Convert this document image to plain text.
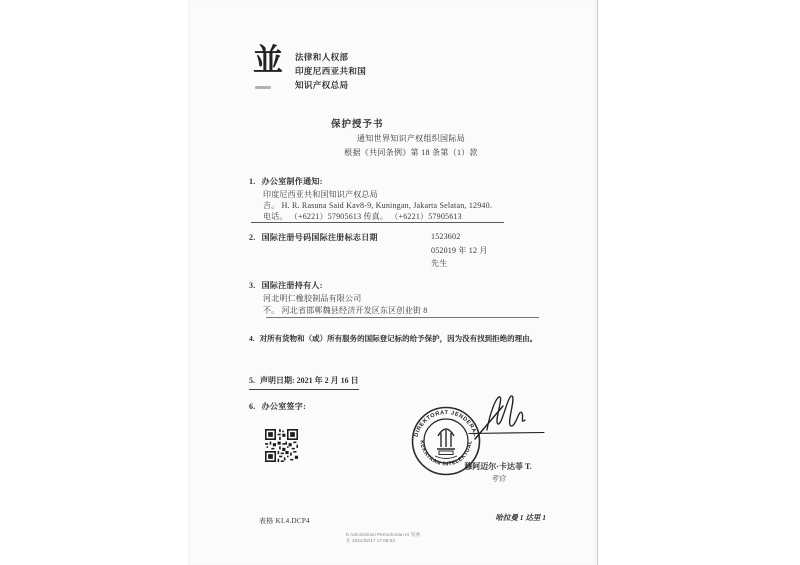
並 法律和人权部
印度尼西亚共和国
知识产权总局
保护授予书
通知世界知识产权组织国际局
根据《共同条例》第 18 条第（1）款
1. 办公室制作通知:
印度尼西亚共和国知识产权总局
吉。 H. R. Rasuna Said Kav8-9, Kuningan, Jakarta Selatan, 12940.
电话。 （+6221）57905613 传真。 （+6221）57905613
2. 国际注册号码国际注册标志日期	1523602
052019 年 12 月
先生
3. 国际注册持有人:
河北明仁橡胶制品有限公司
不。 河北省邯郸魏县经济开发区东区创业街 8
4. 对所有货物和（或）所有服务的国际登记标的给予保护，因为没有找到拒绝的理由。
5. 声明日期: 2021 年 2 月 16 日
6. 办公室签字:
DIREKTORAT JENDERAL
KEKAYAAN INTELEKTUAL
穆阿迈尔·卡达菲 T.
考官
表格 KI.4.DCP4	哈拉曼 1 达里 1
E Administrasi Permohonan KI 签署
在 2021/02/17 17:06:53
